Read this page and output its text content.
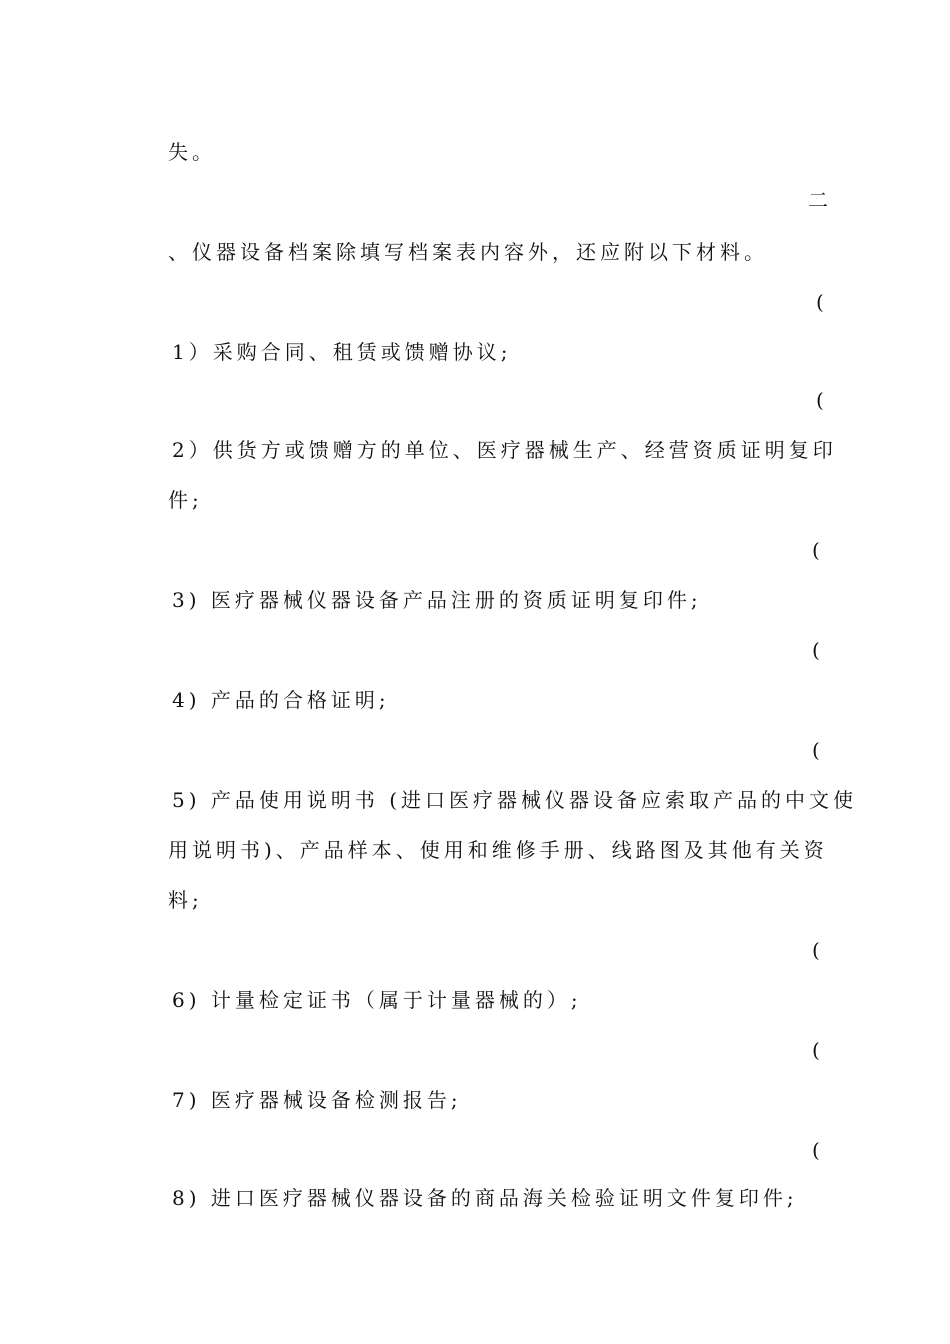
失。
二
、仪器设备档案除填写档案表内容外，还应附以下材料。
(
1）采购合同、租赁或馈赠协议;
(
2）供货方或馈赠方的单位、医疗器械生产、经营资质证明复印
件;
(
3) 医疗器械仪器设备产品注册的资质证明复印件;
(
4) 产品的合格证明;
(
5) 产品使用说明书 (进口医疗器械仪器设备应索取产品的中文使
用说明书)、产品样本、使用和维修手册、线路图及其他有关资
料;
(
6) 计量检定证书（属于计量器械的）;
(
7) 医疗器械设备检测报告;
(
8) 进口医疗器械仪器设备的商品海关检验证明文件复印件;
